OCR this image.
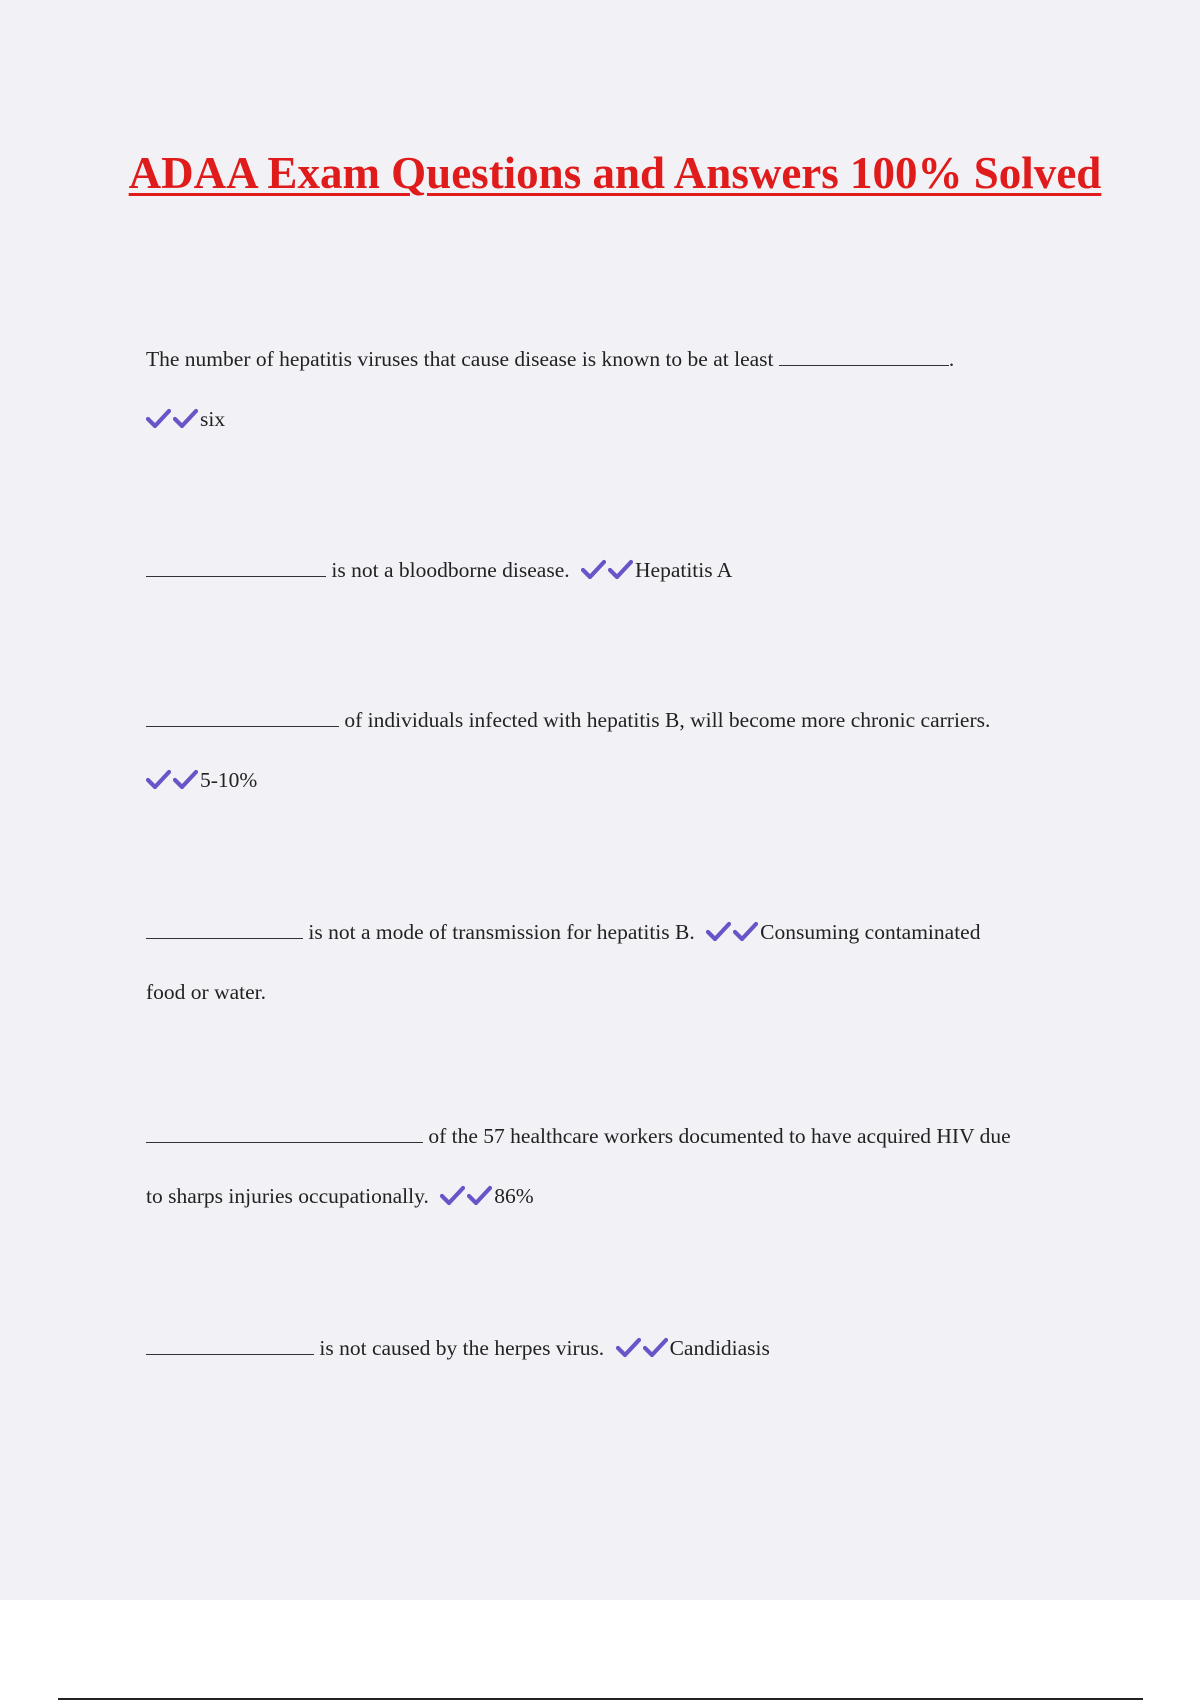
ADAA Exam Questions and Answers 100% Solved
The number of hepatitis viruses that cause disease is known to be at least	.
six
is not a bloodborne disease.	Hepatitis A
of individuals infected with hepatitis B, will become more chronic carriers.
5-10%
is not a mode of transmission for hepatitis B.	Consuming contaminated
food or water.
of the 57 healthcare workers documented to have acquired HIV due
to sharps injuries occupationally.	86%
is not caused by the herpes virus.	Candidiasis
